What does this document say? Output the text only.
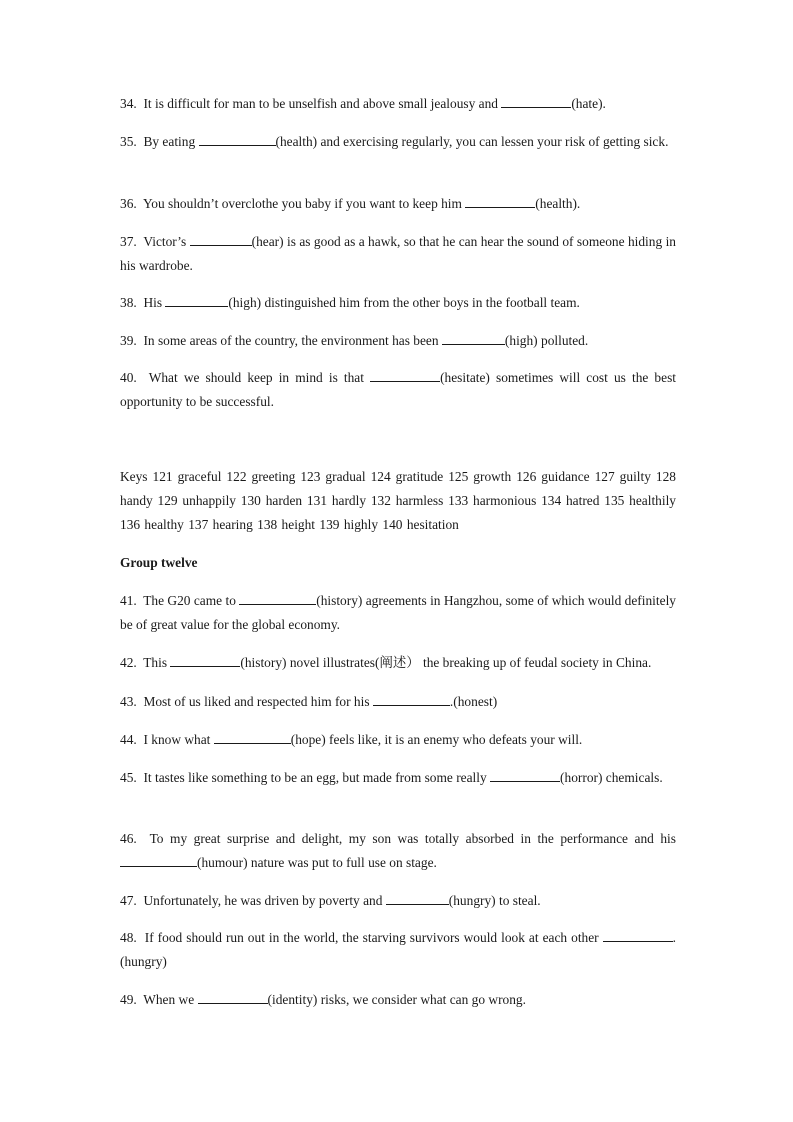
34. It is difficult for man to be unselfish and above small jealousy and	(hate).

35. By eating	(health) and exercising regularly, you can lessen your risk of getting sick.

36. You shouldn’t overclothe you baby if you want to keep him	(health).

37. Victor’s	(hear) is as good as a hawk, so that he can hear the sound of someone hiding in his wardrobe.

38. His	(high) distinguished him from the other boys in the football team.

39. In some areas of the country, the environment has been	(high) polluted.

40. What we should keep in mind is that	(hesitate) sometimes will cost us the best opportunity to be successful.

Keys 121 graceful 122 greeting 123 gradual 124 gratitude 125 growth 126 guidance 127 guilty 128 handy 129 unhappily 130 harden 131 hardly 132 harmless 133 harmonious 134 hatred 135 healthily 136 healthy 137 hearing 138 height 139 highly 140 hesitation

Group twelve

41. The G20 came to	(history) agreements in Hangzhou, some of which would definitely be of great value for the global economy.

42. This	(history) novel illustrates(阐述） the breaking up of feudal society in China.

43. Most of us liked and respected him for his	.(honest)

44. I know what	(hope) feels like, it is an enemy who defeats your will.

45. It tastes like something to be an egg, but made from some really	(horror) chemicals.

46. To my great surprise and delight, my son was totally absorbed in the performance and his (humour) nature was put to full use on stage.

47. Unfortunately, he was driven by poverty and	(hungry) to steal.

48. If food should run out in the world, the starving survivors would look at each other	.(hungry)

49. When we	(identity) risks, we consider what can go wrong.
